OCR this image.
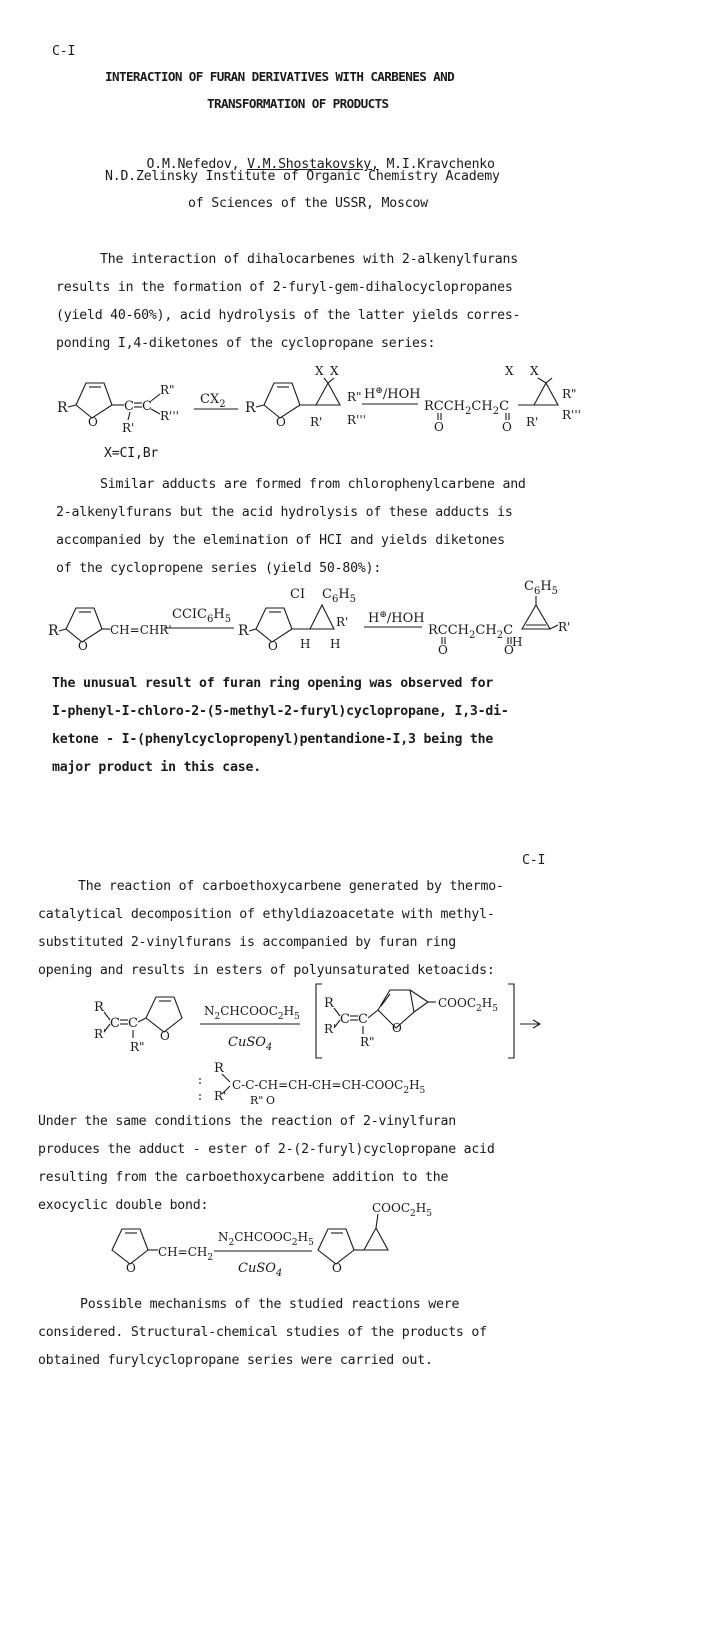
C-I
C-I
INTERACTION OF FURAN DERIVATIVES WITH CARBENES AND
TRANSFORMATION OF PRODUCTS

O.M.Nefedov, V.M.Shostakovsky, M.I.Kravchenko

N.D.Zelinsky Institute of Organic Chemistry Academy
of Sciences of the USSR, Moscow
The interaction of dihalocarbenes with 2-alkenylfurans
results in the formation of 2-furyl-gem-dihalocyclopropanes
(yield 40-60%), acid hydrolysis of the latter yields corres-
ponding I,4-diketones of the cyclopropane series:
R
O
C C
R'
R"
R'''
$CX_2$ R
O
X X
R'
R"
R'''
H⊕/HOH
$RCCH_2CH_2C$
O	O
X X
R'
R"
R'''
X=CI,Br
Similar adducts are formed from chlorophenylcarbene and
2-alkenylfurans but the acid hydrolysis of these adducts is
accompanied by the elemination of HCI and yields diketones
of the cyclopropene series (yield 50-80%):
R
O
CH=CHR'
$CCIC_6H_5$
R
O
CI $C_6H_5$
R'
H H
H⊕/HOH
$RCCH_2CH_2C$
O	O
$C_6H_5$
R'
H
The unusual result of furan ring opening was observed for
I-phenyl-I-chloro-2-(5-methyl-2-furyl)cyclopropane, I,3-di-
ketone - I-(phenylcyclopropenyl)pentandione-I,3 being the
major product in this case.
The reaction of carboethoxycarbene generated by thermo-
catalytical decomposition of ethyldiazoacetate with methyl-
substituted 2-vinylfurans is accompanied by furan ring
opening and results in esters of polyunsaturated ketoacids:
R
R'
C C
R"
O
$N_2CHCOOC_2H_5$
CuSO$_4$
R
R'
C C
R"
O
$COOC_2H_5$
R
R'
$C-C-CH=CH-CH=CH-COOC_2H_5$
R" O
Under the same conditions the reaction of 2-vinylfuran
produces the adduct - ester of 2-(2-furyl)cyclopropane acid
resulting from the carboethoxycarbene addition to the
exocyclic double bond:
O
$CH=CH_2$
$N_2CHCOOC_2H_5$
CuSO$_4$	O
$COOC_2H_5$
Possible mechanisms of the studied reactions were
considered. Structural-chemical studies of the products of
obtained furylcyclopropane series were carried out.
